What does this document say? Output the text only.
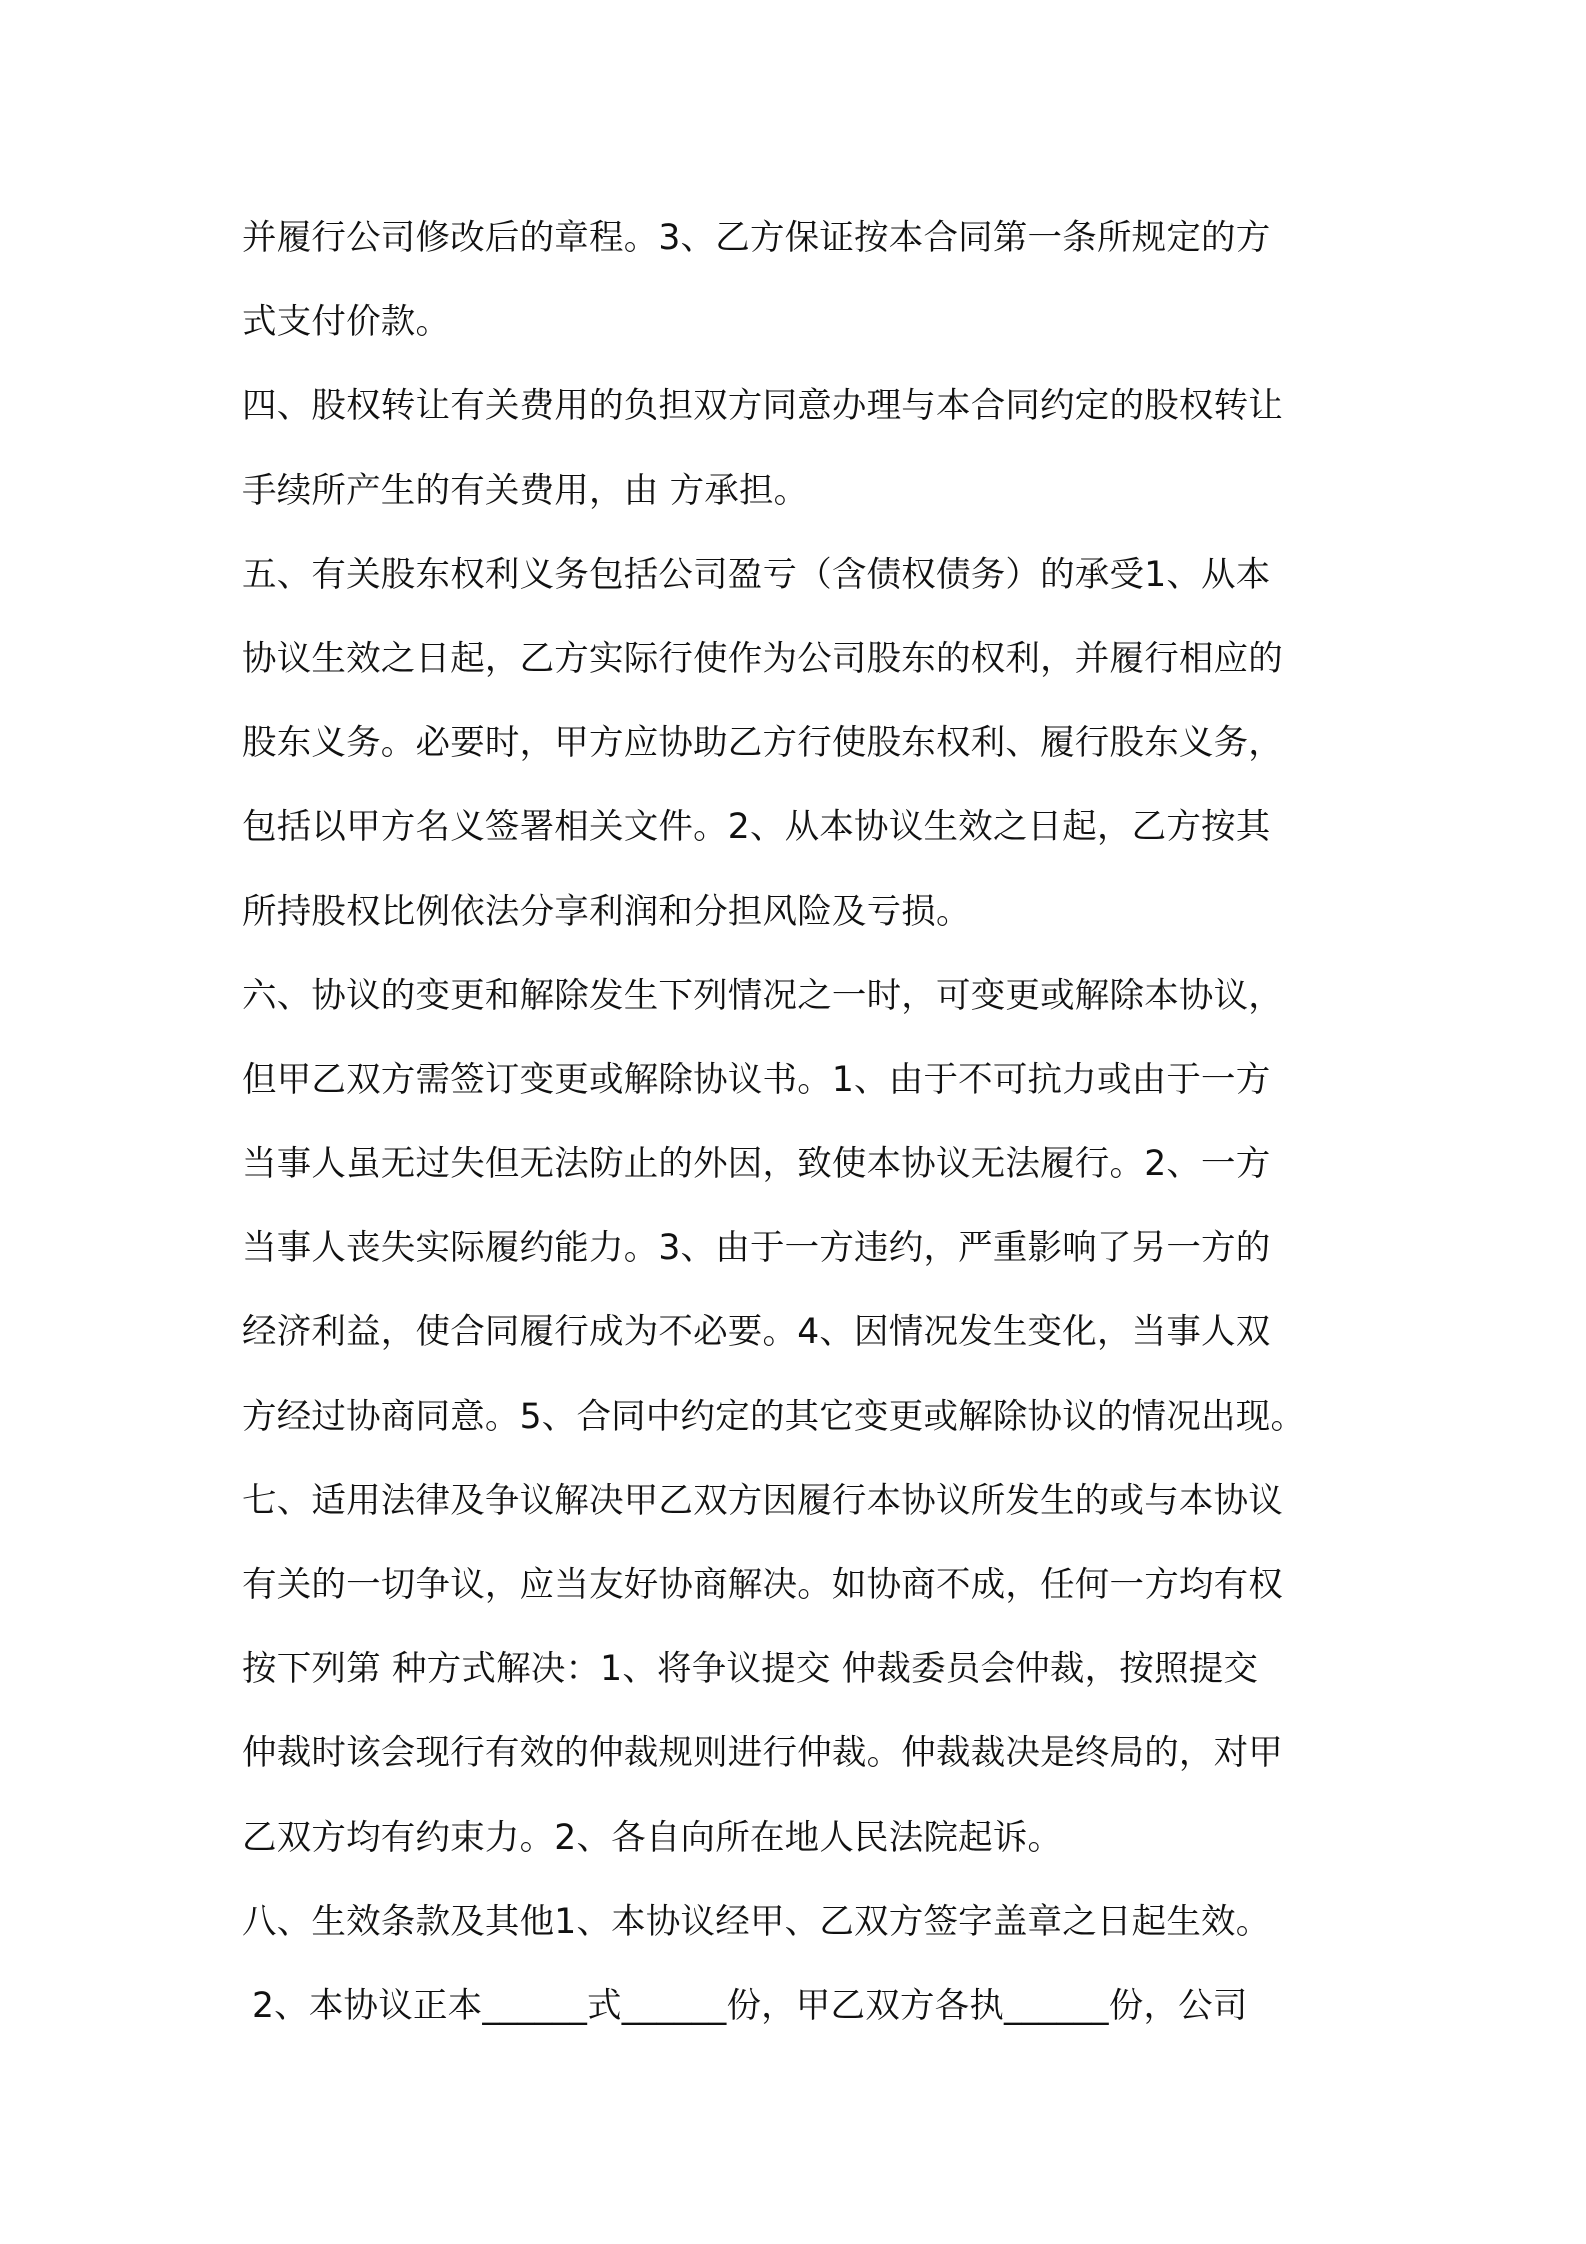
并履行公司修改后的章程。3、乙方保证按本合同第一条所规定的方
式支付价款。
四、股权转让有关费用的负担双方同意办理与本合同约定的股权转让
手续所产生的有关费用，由 方承担。
五、有关股东权利义务包括公司盈亏（含债权债务）的承受1、从本
协议生效之日起，乙方实际行使作为公司股东的权利，并履行相应的
股东义务。必要时，甲方应协助乙方行使股东权利、履行股东义务，
包括以甲方名义签署相关文件。2、从本协议生效之日起，乙方按其
所持股权比例依法分享利润和分担风险及亏损。
六、协议的变更和解除发生下列情况之一时，可变更或解除本协议，
但甲乙双方需签订变更或解除协议书。1、由于不可抗力或由于一方
当事人虽无过失但无法防止的外因，致使本协议无法履行。2、一方
当事人丧失实际履约能力。3、由于一方违约，严重影响了另一方的
经济利益，使合同履行成为不必要。4、因情况发生变化，当事人双
方经过协商同意。5、合同中约定的其它变更或解除协议的情况出现。
七、适用法律及争议解决甲乙双方因履行本协议所发生的或与本协议
有关的一切争议，应当友好协商解决。如协商不成，任何一方均有权
按下列第 种方式解决：1、将争议提交 仲裁委员会仲裁，按照提交
仲裁时该会现行有效的仲裁规则进行仲裁。仲裁裁决是终局的，对甲
乙双方均有约束力。2、各自向所在地人民法院起诉。
八、生效条款及其他1、本协议经甲、乙双方签字盖章之日起生效。
2、本协议正本______式______份，甲乙双方各执______份，公司
